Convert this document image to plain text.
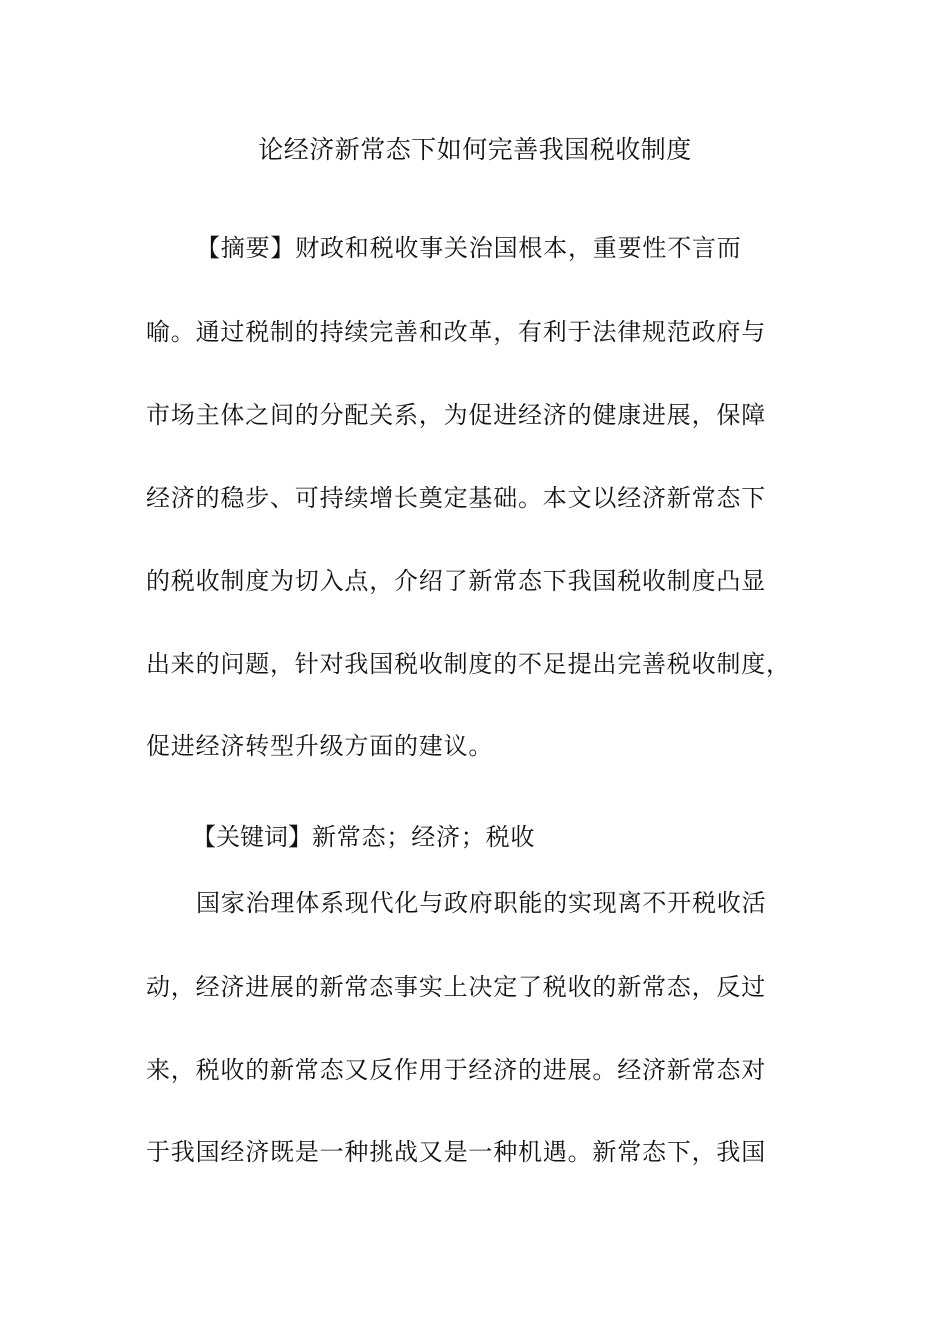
论经济新常态下如何完善我国税收制度
【摘要】财政和税收事关治国根本，重要性不言而
喻。通过税制的持续完善和改革，有利于法律规范政府与
市场主体之间的分配关系，为促进经济的健康进展，保障
经济的稳步、可持续增长奠定基础。本文以经济新常态下
的税收制度为切入点，介绍了新常态下我国税收制度凸显
出来的问题，针对我国税收制度的不足提出完善税收制度，
促进经济转型升级方面的建议。
【关键词】新常态；经济；税收
国家治理体系现代化与政府职能的实现离不开税收活
动，经济进展的新常态事实上决定了税收的新常态，反过
来，税收的新常态又反作用于经济的进展。经济新常态对
于我国经济既是一种挑战又是一种机遇。新常态下，我国
